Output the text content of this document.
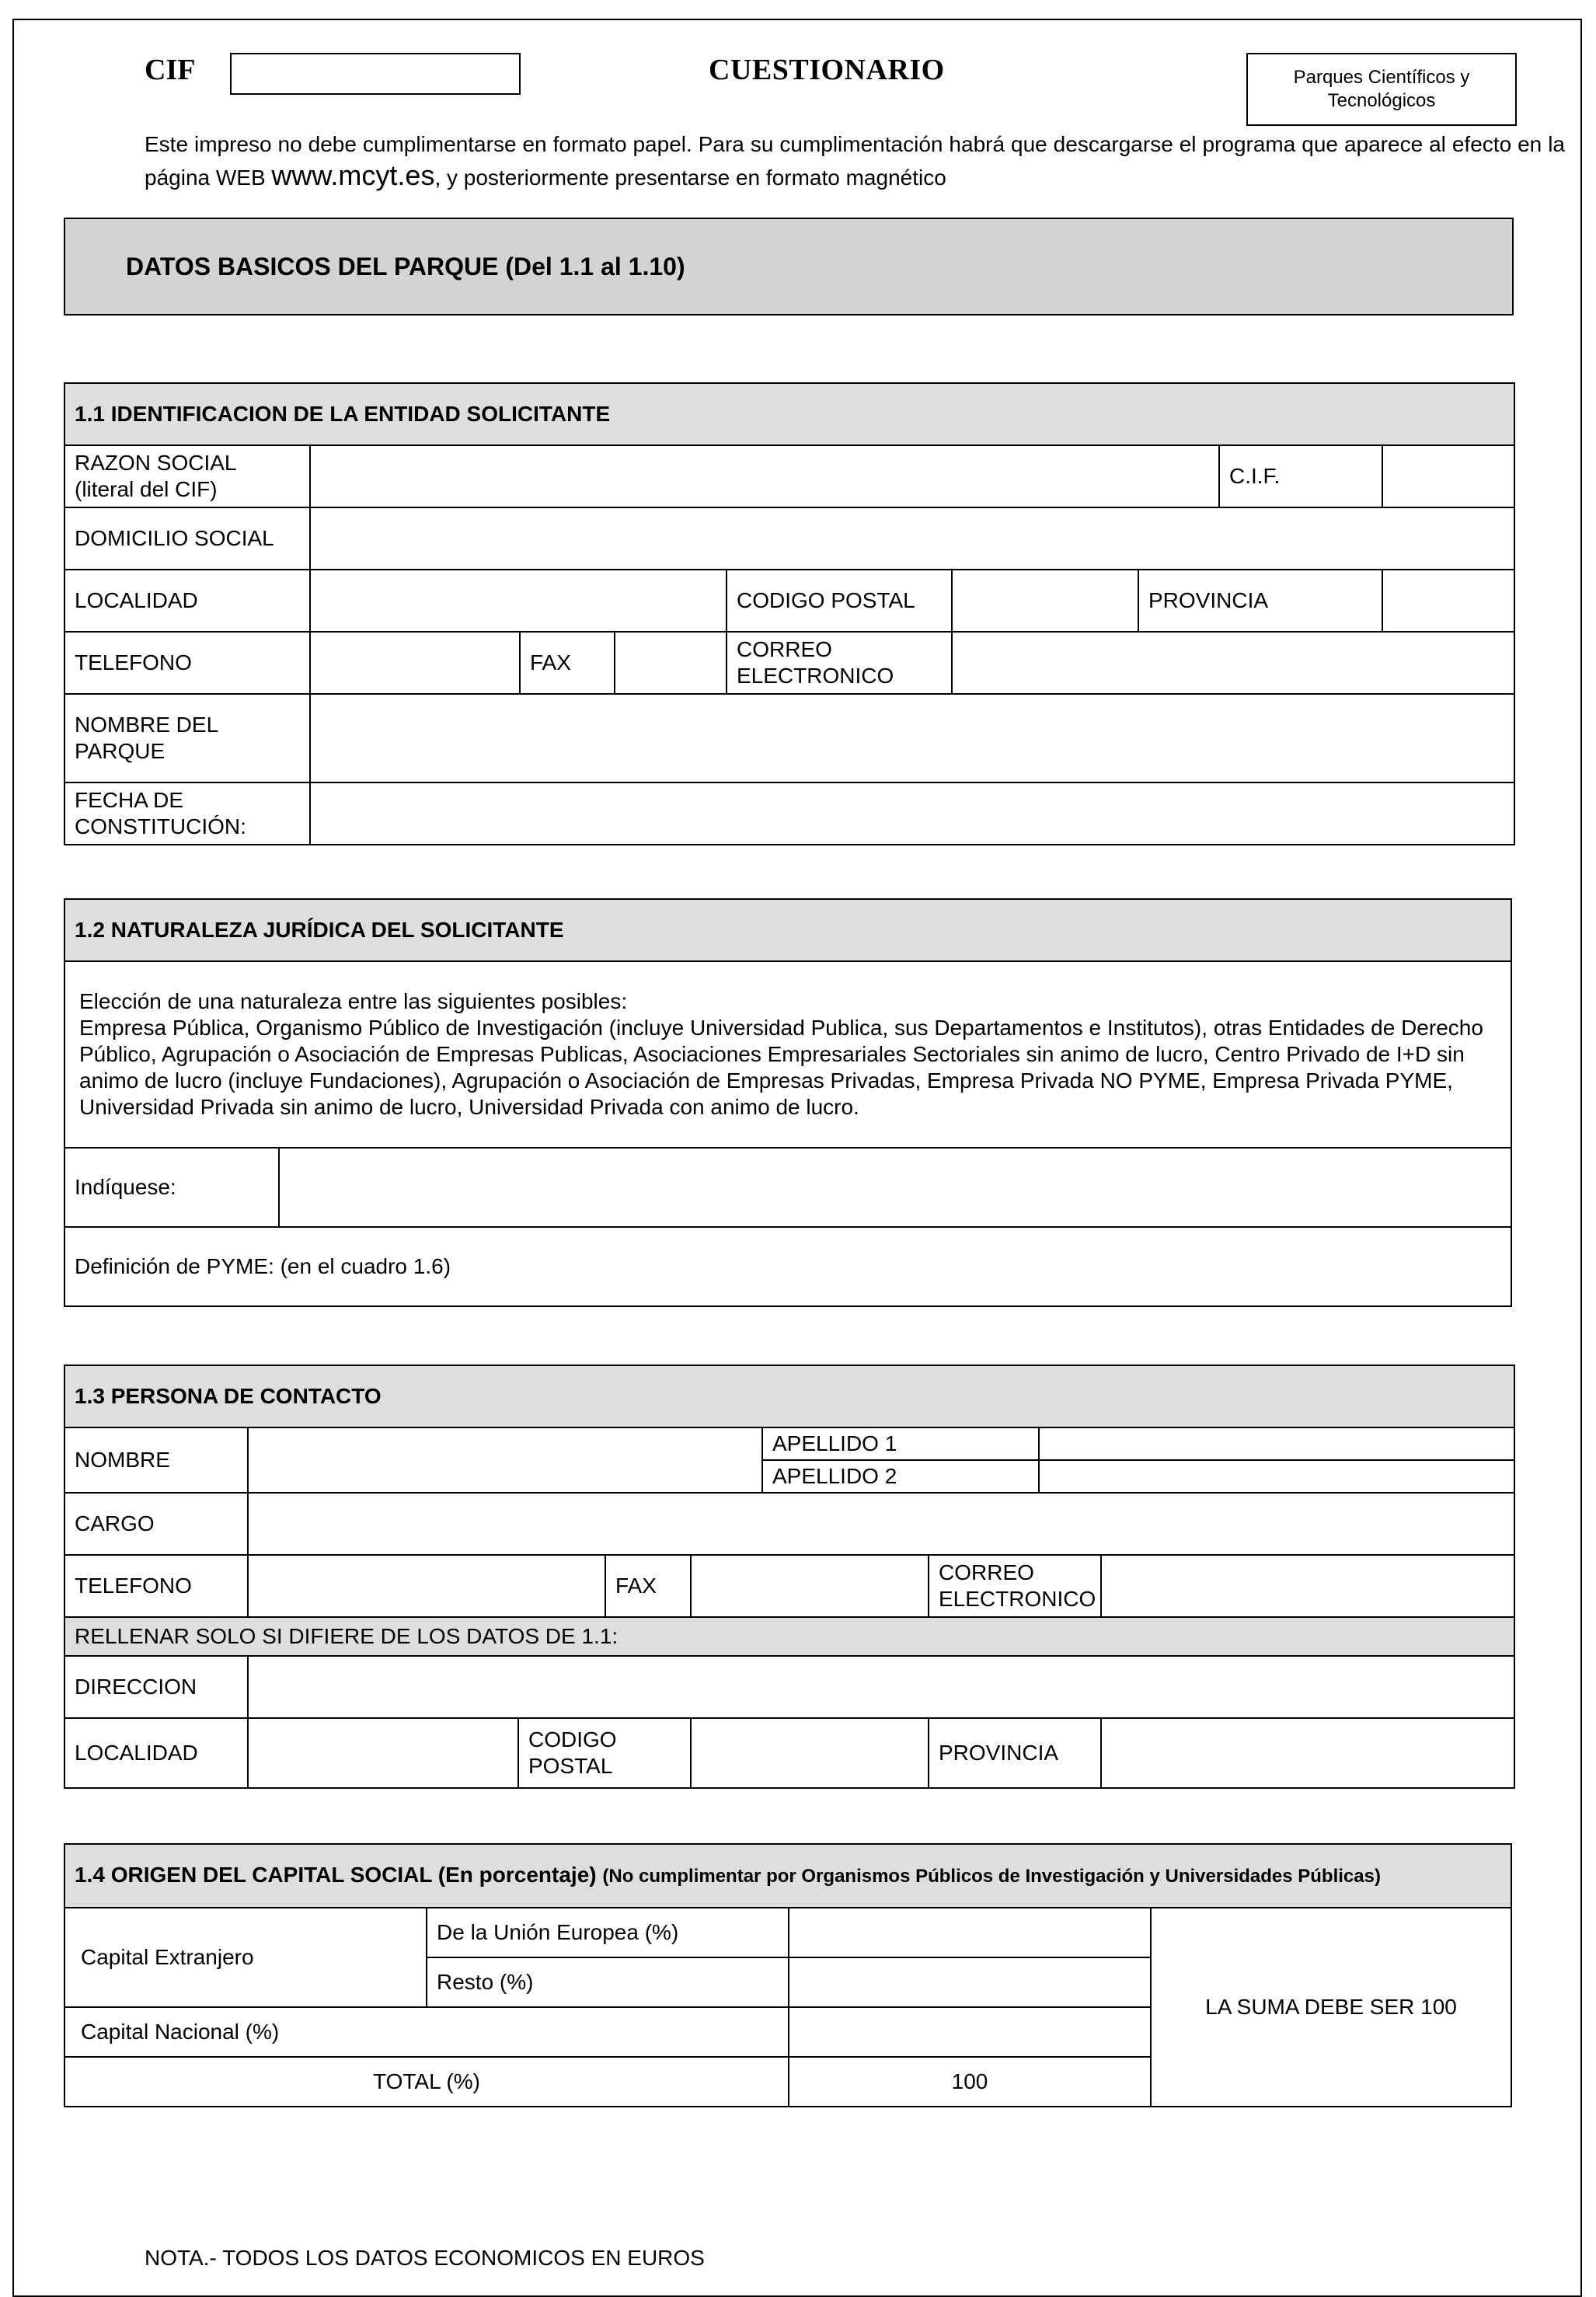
CIF	CUESTIONARIO	Parques Científicos y Tecnológicos
Este impreso no debe cumplimentarse en formato papel. Para su cumplimentación habrá que descargarse el programa que aparece al efecto en la página WEB www.mcyt.es, y posteriormente presentarse en formato magnético
DATOS BASICOS DEL PARQUE (Del 1.1 al 1.10)
1.1 IDENTIFICACION DE LA ENTIDAD SOLICITANTE								
RAZON SOCIAL
(literal del CIF)							C.I.F.	
DOMICILIO SOCIAL								
LOCALIDAD				CODIGO POSTAL		PROVINCIA		
TELEFONO		FAX		CORREO
ELECTRONICO				
NOMBRE DEL
PARQUE								
FECHA DE
CONSTITUCIÓN:								
1.2 NATURALEZA JURÍDICA DEL SOLICITANTE

Elección de una naturaleza entre las siguientes posibles:
Empresa Pública, Organismo Público de Investigación (incluye Universidad Publica, sus Departamentos e Institutos), otras Entidades de Derecho Público, Agrupación o Asociación de Empresas Publicas, Asociaciones Empresariales Sectoriales sin animo de lucro, Centro Privado de I+D sin animo de lucro (incluye Fundaciones), Agrupación o Asociación de Empresas Privadas, Empresa Privada NO PYME, Empresa Privada PYME, Universidad Privada sin animo de lucro, Universidad Privada con animo de lucro.

Indíquese:	
Definición de PYME: (en el cuadro 1.6)
1.3 PERSONA DE CONTACTO								
NOMBRE					APELLIDO 1			
					APELLIDO 2			
CARGO								
TELEFONO			FAX			CORREO
ELECTRONICO		
RELLENAR SOLO SI DIFIERE DE LOS DATOS DE 1.1:								
DIRECCION								
LOCALIDAD		CODIGO POSTAL				PROVINCIA		
1.4 ORIGEN DEL CAPITAL SOCIAL (En porcentaje) (No cumplimentar por Organismos Públicos de Investigación y Universidades Públicas)			
Capital Extranjero	De la Unión Europea (%)		LA SUMA DEBE SER 100
	Resto (%)		
Capital Nacional (%)			
TOTAL (%)		100	
NOTA.- TODOS LOS DATOS ECONOMICOS EN EUROS
